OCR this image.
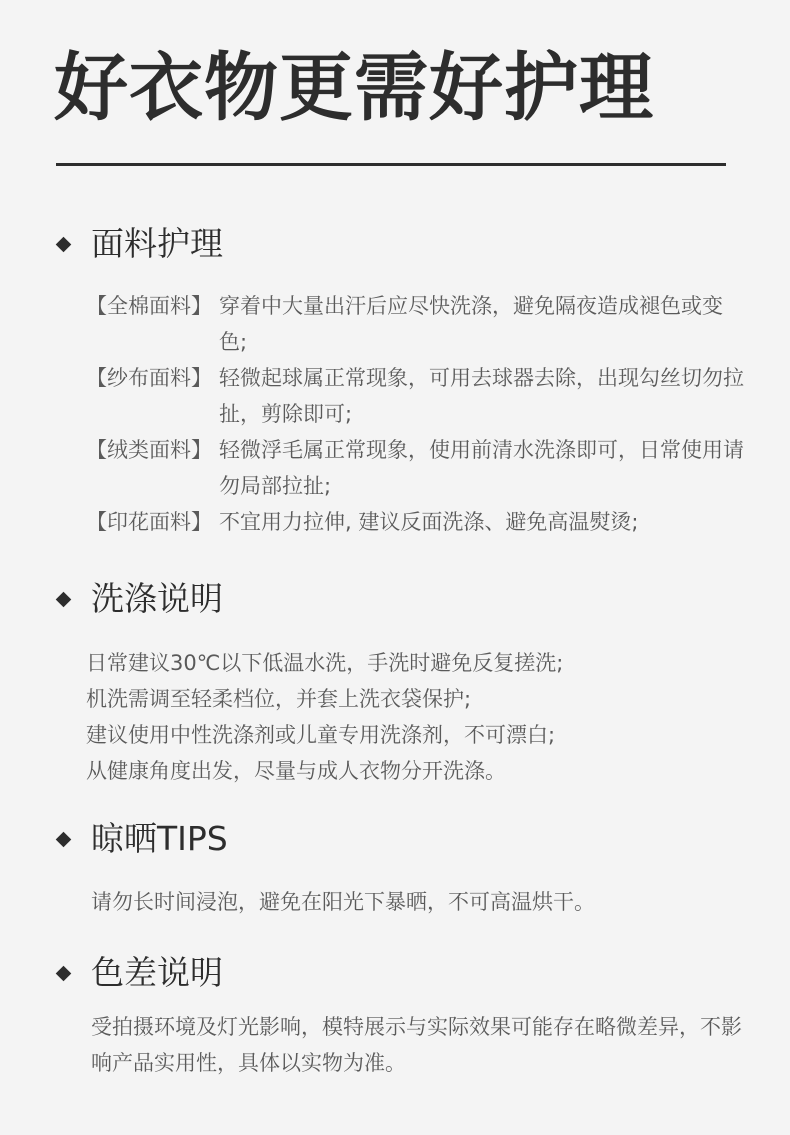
好衣物更需好护理
面料护理
【全棉面料】 穿着中大量出汗后应尽快洗涤，避免隔夜造成褪色或变色;
【纱布面料】 轻微起球属正常现象，可用去球器去除，出现勾丝切勿拉扯，剪除即可;
【绒类面料】 轻微浮毛属正常现象，使用前清水洗涤即可，日常使用请勿局部拉扯;
【印花面料】 不宜用力拉伸, 建议反面洗涤、避免高温熨烫;
洗涤说明

日常建议30℃以下低温水洗，手洗时避免反复搓洗;

机洗需调至轻柔档位，并套上洗衣袋保护;

建议使用中性洗涤剂或儿童专用洗涤剂，不可漂白;

从健康角度出发，尽量与成人衣物分开洗涤。

晾晒TIPS

请勿长时间浸泡，避免在阳光下暴晒，不可高温烘干。

色差说明

受拍摄环境及灯光影响，模特展示与实际效果可能存在略微差异，不影响产品实用性，具体以实物为准。
